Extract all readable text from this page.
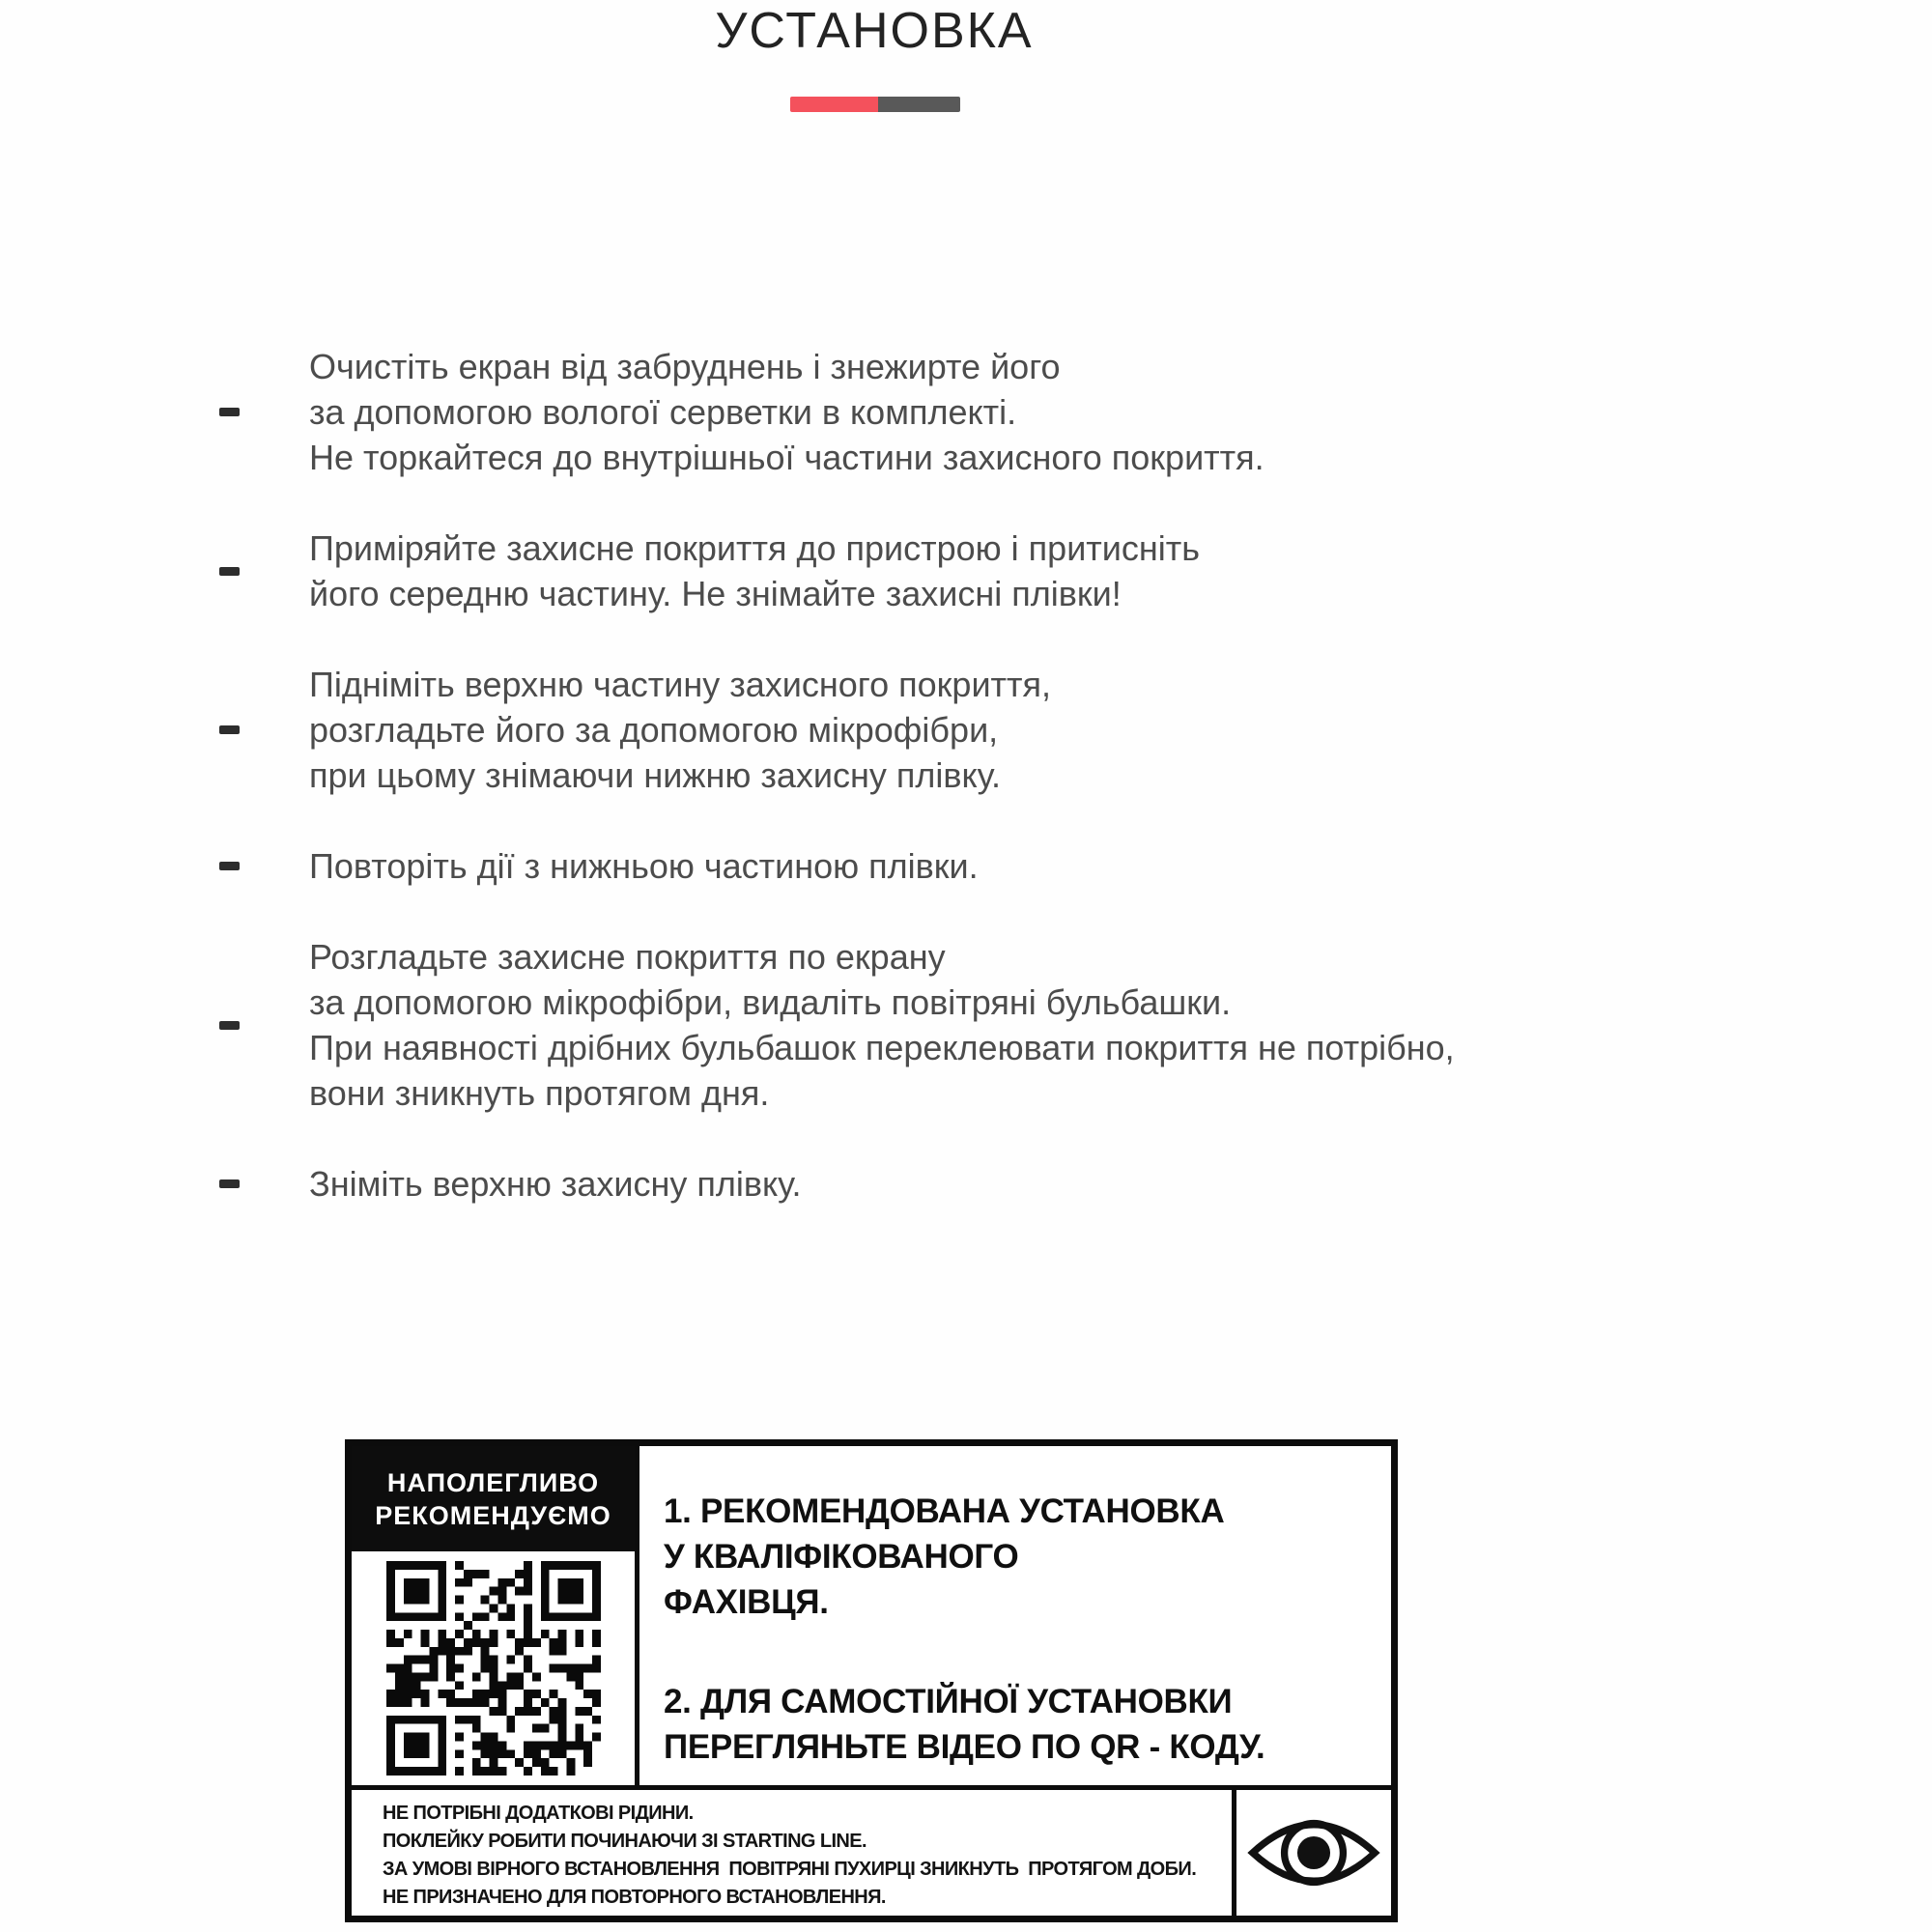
УСТАНОВКА
Очистіть екран від забруднень і знежирте його
за допомогою вологої серветки в комплекті.
Не торкайтеся до внутрішньої частини захисного покриття.
Приміряйте захисне покриття до пристрою і притисніть
його середню частину. Не знімайте захисні плівки!
Підніміть верхню частину захисного покриття,
розгладьте його за допомогою мікрофібри,
при цьому знімаючи нижню захисну плівку.
Повторіть дії з нижньою частиною плівки.
Розгладьте захисне покриття по екрану
за допомогою мікрофібри, видаліть повітряні бульбашки.
При наявності дрібних бульбашок переклеювати покриття не потрібно,
вони зникнуть протягом дня.
Зніміть верхню захисну плівку.
НАПОЛЕГЛИВО
РЕКОМЕНДУЄМО 1. РЕКОМЕНДОВАНА УСТАНОВКА
У КВАЛІФІКОВАНОГО
ФАХІВЦЯ.
2. ДЛЯ САМОСТІЙНОЇ УСТАНОВКИ
ПЕРЕГЛЯНЬТЕ ВІДЕО ПО QR - КОДУ.
НЕ ПОТРІБНІ ДОДАТКОВІ РІДИНИ.
ПОКЛЕЙКУ РОБИТИ ПОЧИНАЮЧИ ЗІ STARTING LINE.
ЗА УМОВІ ВІРНОГО ВСТАНОВЛЕННЯ  ПОВІТРЯНІ ПУХИРЦІ ЗНИКНУТЬ  ПРОТЯГОМ ДОБИ.
НЕ ПРИЗНАЧЕНО ДЛЯ ПОВТОРНОГО ВСТАНОВЛЕННЯ.
